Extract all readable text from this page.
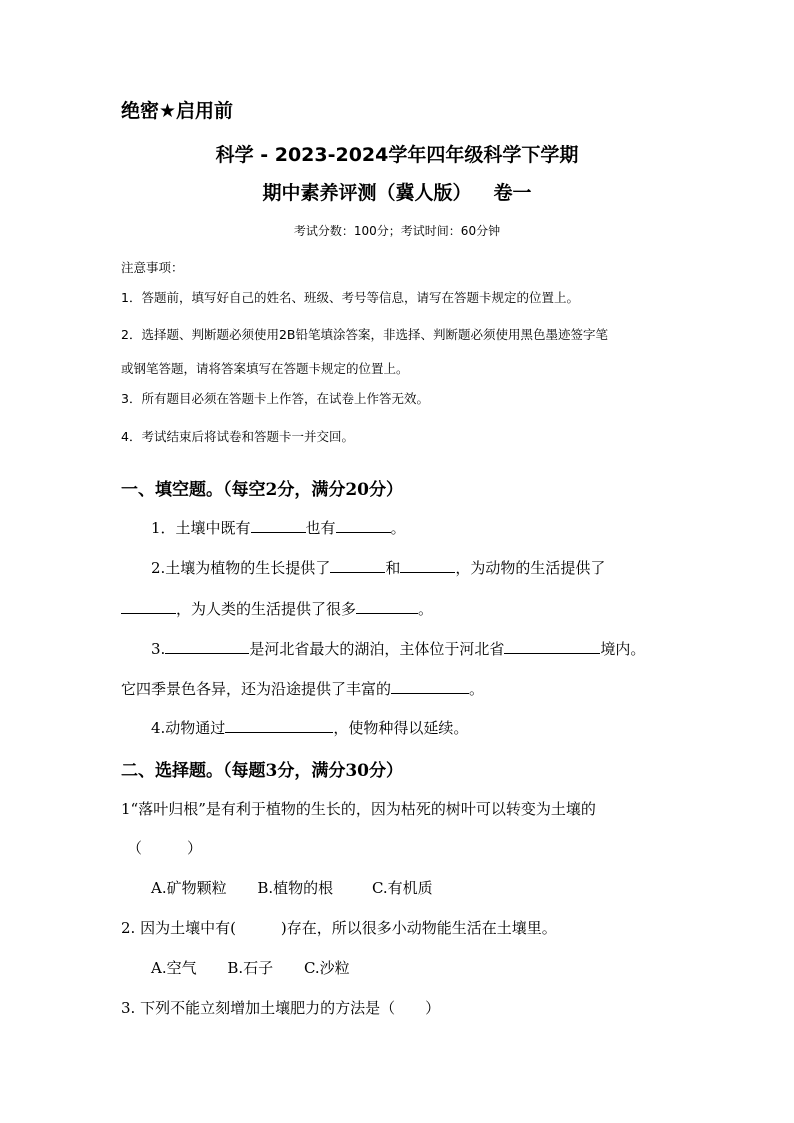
绝密★启用前
科学 - 2023-2024学年四年级科学下学期
期中素养评测（冀人版） 卷一
考试分数：100分；考试时间：60分钟
注意事项：
1．答题前，填写好自己的姓名、班级、考号等信息，请写在答题卡规定的位置上。
2．选择题、判断题必须使用2B铅笔填涂答案，非选择、判断题必须使用黑色墨迹签字笔
或钢笔答题，请将答案填写在答题卡规定的位置上。
3．所有题目必须在答题卡上作答，在试卷上作答无效。
4．考试结束后将试卷和答题卡一并交回。
一、填空题。（每空2分，满分20分）
1．土壤中既有	也有	。
2.土壤为植物的生长提供了	和	，为动物的生活提供了
，为人类的生活提供了很多	。
3.	是河北省最大的湖泊，主体位于河北省	境内。
它四季景色各异，还为沿途提供了丰富的	。
4.动物通过	，使物种得以延续。
二、选择题。（每题3分，满分30分）
1“落叶归根”是有利于植物的生长的，因为枯死的树叶可以转变为土壤的
（　　　）
A.矿物颗粒 B.植物的根	C.有机质
2. 因为土壤中有(　　　)存在，所以很多小动物能生活在土壤里。
A.空气 B.石子 C.沙粒
3. 下列不能立刻增加土壤肥力的方法是（　　）
